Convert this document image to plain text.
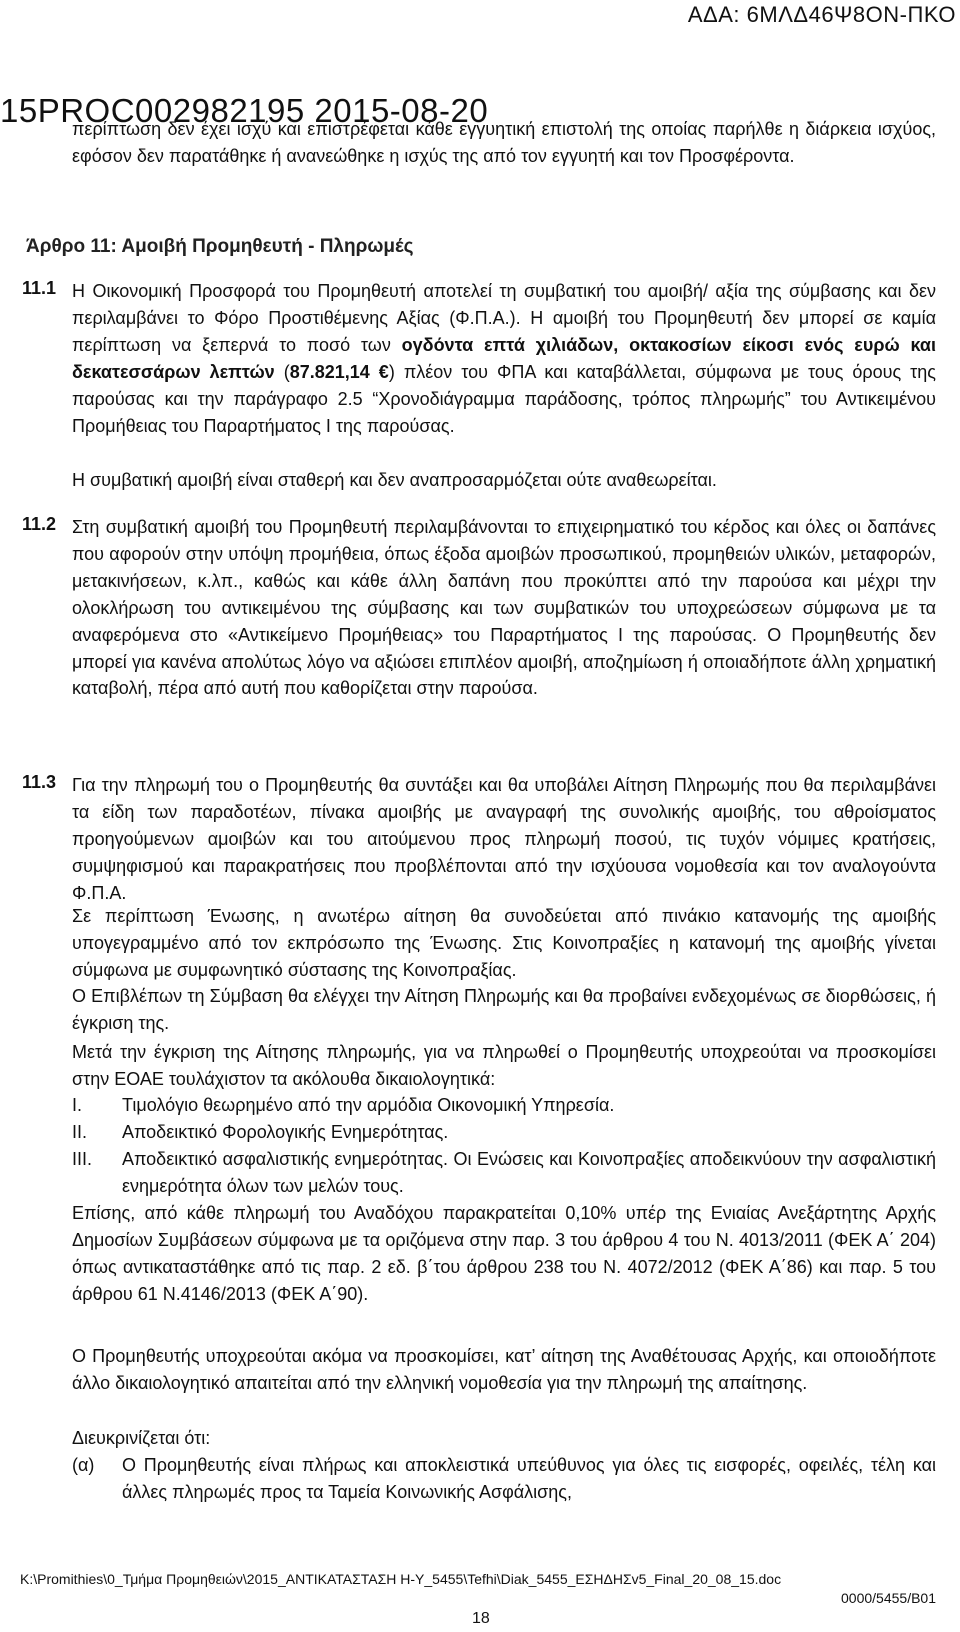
ΑΔΑ: 6ΜΛΔ46Ψ8ΟΝ-ΠΚΟ
15PROC002982195 2015-08-20
περίπτωση δεν έχει ισχύ και επιστρέφεται κάθε εγγυητική επιστολή της οποίας παρήλθε η διάρκεια ισχύος, εφόσον δεν παρατάθηκε ή ανανεώθηκε η ισχύς της από τον εγγυητή και τον Προσφέροντα.
Άρθρο 11: Αμοιβή Προμηθευτή - Πληρωμές
11.1 Η Οικονομική Προσφορά του Προμηθευτή αποτελεί τη συμβατική του αμοιβή/ αξία της σύμβασης και δεν περιλαμβάνει το Φόρο Προστιθέμενης Αξίας (Φ.Π.Α.). Η αμοιβή του Προμηθευτή δεν μπορεί σε καμία περίπτωση να ξεπερνά το ποσό των ογδόντα επτά χιλιάδων, οκτακοσίων είκοσι ενός ευρώ και δεκατεσσάρων λεπτών (87.821,14 €) πλέον του ΦΠΑ και καταβάλλεται, σύμφωνα με τους όρους της παρούσας και την παράγραφο 2.5 “Χρονοδιάγραμμα παράδοσης, τρόπος πληρωμής” του Αντικειμένου Προμήθειας του Παραρτήματος Ι της παρούσας.
Η συμβατική αμοιβή είναι σταθερή και δεν αναπροσαρμόζεται ούτε αναθεωρείται.
11.2 Στη συμβατική αμοιβή του Προμηθευτή περιλαμβάνονται το επιχειρηματικό του κέρδος και όλες οι δαπάνες που αφορούν στην υπόψη προμήθεια, όπως έξοδα αμοιβών προσωπικού, προμηθειών υλικών, μεταφορών, μετακινήσεων, κ.λπ., καθώς και κάθε άλλη δαπάνη που προκύπτει από την παρούσα και μέχρι την ολοκλήρωση του αντικειμένου της σύμβασης και των συμβατικών του υποχρεώσεων σύμφωνα με τα αναφερόμενα στο «Αντικείμενο Προμήθειας» του Παραρτήματος Ι της παρούσας. Ο Προμηθευτής δεν μπορεί για κανένα απολύτως λόγο να αξιώσει επιπλέον αμοιβή, αποζημίωση ή οποιαδήποτε άλλη χρηματική καταβολή, πέρα από αυτή που καθορίζεται στην παρούσα.
11.3 Για την πληρωμή του ο Προμηθευτής θα συντάξει και θα υποβάλει Αίτηση Πληρωμής που θα περιλαμβάνει τα είδη των παραδοτέων, πίνακα αμοιβής με αναγραφή της συνολικής αμοιβής, του αθροίσματος προηγούμενων αμοιβών και του αιτούμενου προς πληρωμή ποσού, τις τυχόν νόμιμες κρατήσεις, συμψηφισμού και παρακρατήσεις που προβλέπονται από την ισχύουσα νομοθεσία και τον αναλογούντα Φ.Π.Α.
Σε περίπτωση Ένωσης, η ανωτέρω αίτηση θα συνοδεύεται από πινάκιο κατανομής της αμοιβής υπογεγραμμένο από τον εκπρόσωπο της Ένωσης. Στις Κοινοπραξίες η κατανομή της αμοιβής γίνεται σύμφωνα με συμφωνητικό σύστασης της Κοινοπραξίας.
Ο Επιβλέπων τη Σύμβαση θα ελέγχει την Αίτηση Πληρωμής και θα προβαίνει ενδεχομένως σε διορθώσεις, ή έγκριση της.
Μετά την έγκριση της Αίτησης πληρωμής, για να πληρωθεί ο Προμηθευτής υποχρεούται να προσκομίσει στην ΕΟΑΕ τουλάχιστον τα ακόλουθα δικαιολογητικά:
I.	Τιμολόγιο θεωρημένο από την αρμόδια Οικονομική Υπηρεσία.
II.	Αποδεικτικό Φορολογικής Ενημερότητας.
III.	Αποδεικτικό ασφαλιστικής ενημερότητας. Οι Ενώσεις και Κοινοπραξίες αποδεικνύουν την ασφαλιστική ενημερότητα όλων των μελών τους.
Επίσης, από κάθε πληρωμή του Αναδόχου παρακρατείται 0,10% υπέρ της Ενιαίας Ανεξάρτητης Αρχής Δημοσίων Συμβάσεων σύμφωνα με τα οριζόμενα στην παρ. 3 του άρθρου 4 του Ν. 4013/2011 (ΦΕΚ Α΄ 204) όπως αντικαταστάθηκε από τις παρ. 2 εδ. β΄του άρθρου 238 του Ν. 4072/2012 (ΦΕΚ Α΄86) και παρ. 5 του άρθρου 61 Ν.4146/2013 (ΦΕΚ Α΄90).
Ο Προμηθευτής υποχρεούται ακόμα να προσκομίσει, κατ’ αίτηση της Αναθέτουσας Αρχής, και οποιοδήποτε άλλο δικαιολογητικό απαιτείται από την ελληνική νομοθεσία για την πληρωμή της απαίτησης.
Διευκρινίζεται ότι:
(α)	Ο Προμηθευτής είναι πλήρως και αποκλειστικά υπεύθυνος για όλες τις εισφορές, οφειλές, τέλη και άλλες πληρωμές προς τα Ταμεία Κοινωνικής Ασφάλισης,
K:\Promithies\0_Τμήμα Προμηθειών\2015_ΑΝΤΙΚΑΤΑΣΤΑΣΗ Η-Υ_5455\Tefhi\Diak_5455_ΕΣΗΔΗΣv5_Final_20_08_15.doc
0000/5455/Β01
18
